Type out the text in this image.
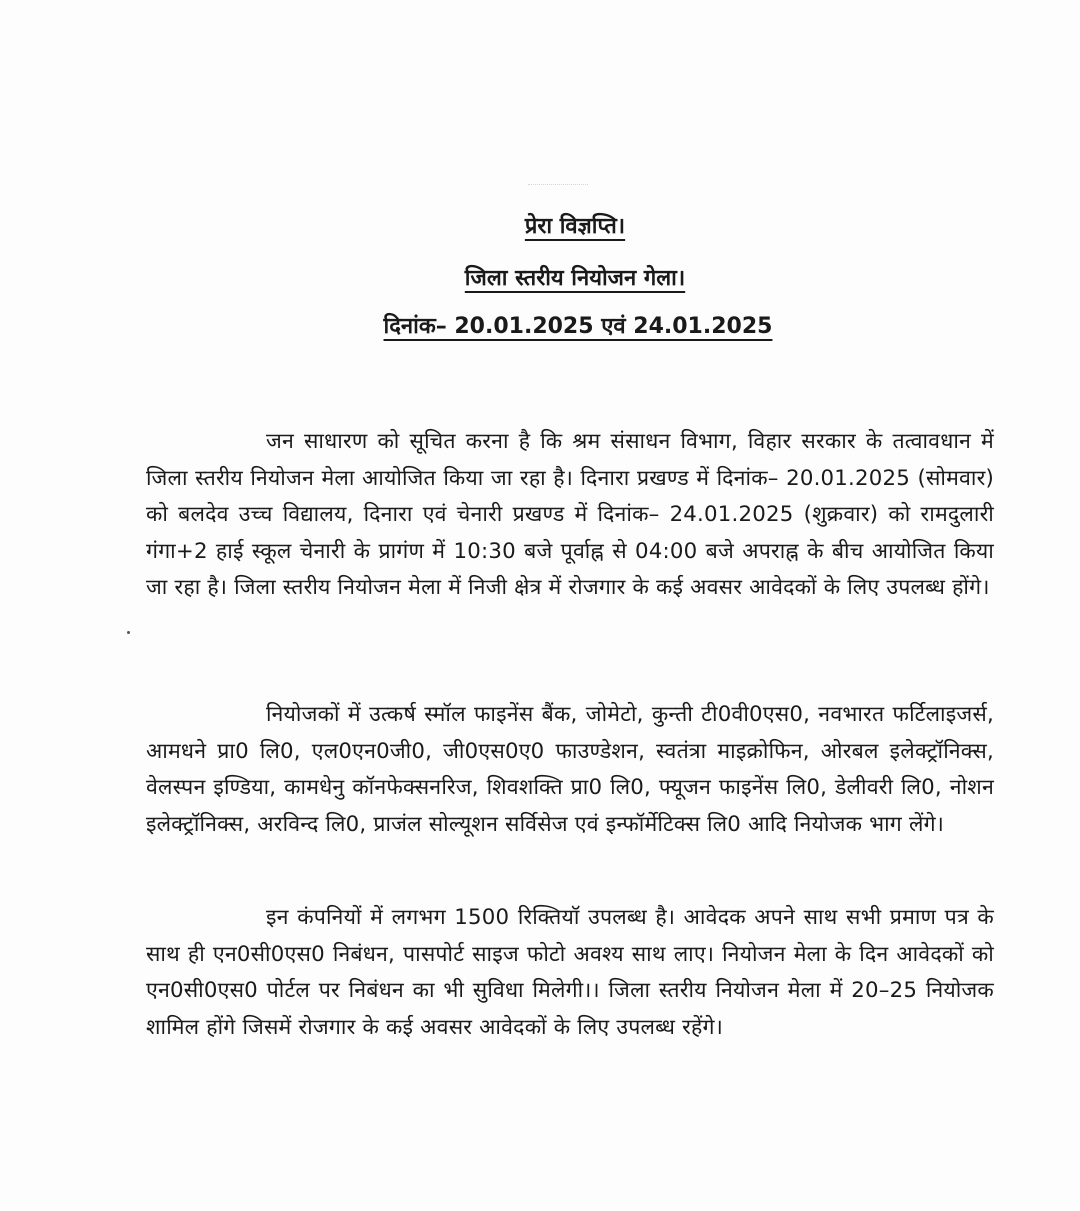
प्रेरा विज्ञप्ति।
जिला स्तरीय नियोजन गेला।
दिनांक– 20.01.2025 एवं 24.01.2025

जन साधारण को सूचित करना है कि श्रम संसाधन विभाग, विहार सरकार के तत्वावधान में जिला स्तरीय नियोजन मेला आयोजित किया जा रहा है। दिनारा प्रखण्ड में दिनांक– 20.01.2025 (सोमवार) को बलदेव उच्च विद्यालय, दिनारा एवं चेनारी प्रखण्ड में दिनांक– 24.01.2025 (शुक्रवार) को रामदुलारी गंगा+2 हाई स्कूल चेनारी के प्रागंण में 10:30 बजे पूर्वाह्न से 04:00 बजे अपराह्न के बीच आयोजित किया जा रहा है। जिला स्तरीय नियोजन मेला में निजी क्षेत्र में रोजगार के कई अवसर आवेदकों के लिए उपलब्ध होंगे।

नियोजकों में उत्कर्ष स्मॉल फाइनेंस बैंक, जोमेटो, कुन्ती टी0वी0एस0, नवभारत फर्टिलाइजर्स, आमधने प्रा0 लि0, एल0एन0जी0, जी0एस0ए0 फाउण्डेशन, स्वतंत्रा माइक्रोफिन, ओरबल इलेक्ट्रॉनिक्स, वेलस्पन इण्डिया, कामधेनु कॉनफेक्सनरिज, शिवशक्ति प्रा0 लि0, फ्यूजन फाइनेंस लि0, डेलीवरी लि0, नोशन इलेक्ट्रॉनिक्स, अरविन्द लि0, प्राजंल सोल्यूशन सर्विसेज एवं इन्फॉर्मेटिक्स लि0 आदि नियोजक भाग लेंगे।

इन कंपनियों में लगभग 1500 रिक्तियॉ उपलब्ध है। आवेदक अपने साथ सभी प्रमाण पत्र के साथ ही एन0सी0एस0 निबंधन, पासपोर्ट साइज फोटो अवश्य साथ लाए। नियोजन मेला के दिन आवेदकों को एन0सी0एस0 पोर्टल पर निबंधन का भी सुविधा मिलेगी।। जिला स्तरीय नियोजन मेला में 20–25 नियोजक शामिल होंगे जिसमें रोजगार के कई अवसर आवेदकों के लिए उपलब्ध रहेंगे।
